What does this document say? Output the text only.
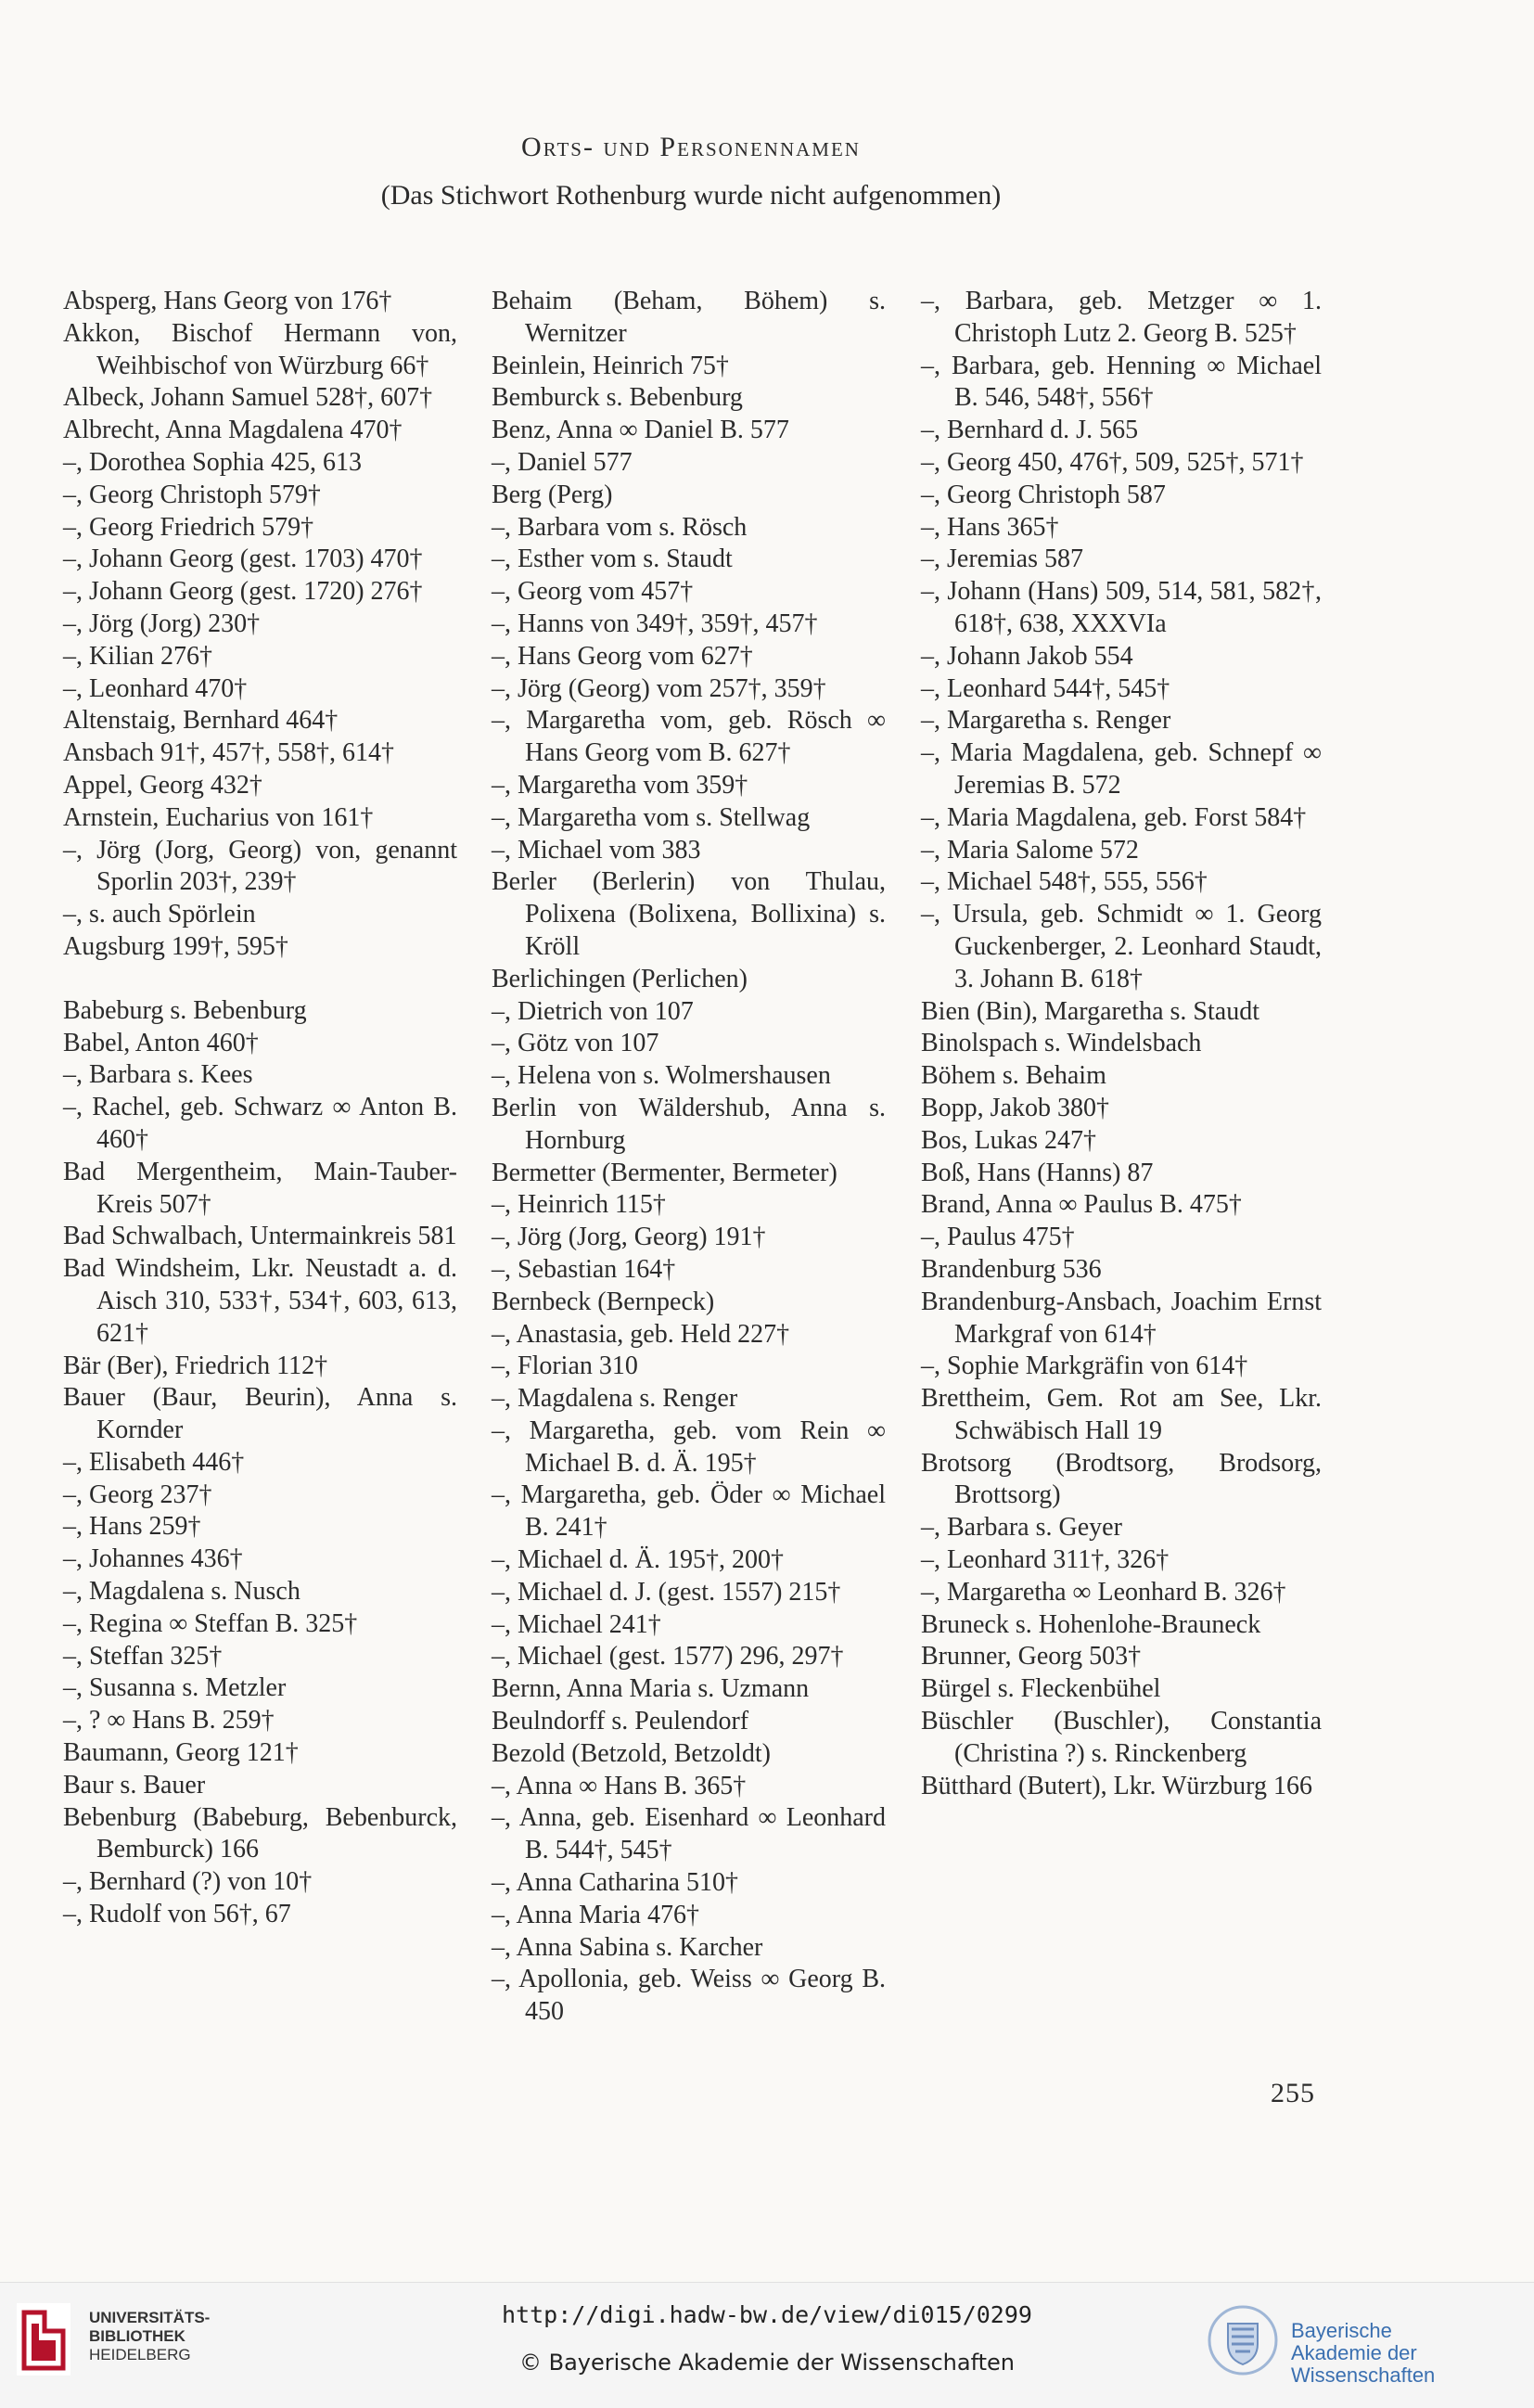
Orts- und Personennamen
(Das Stichwort Rothenburg wurde nicht aufgenommen)

Absperg, Hans Georg von 176†

Akkon, Bischof Hermann von, Weihbischof von Würzburg 66†

Albeck, Johann Samuel 528†, 607†

Albrecht, Anna Magdalena 470†

–, Dorothea Sophia 425, 613

–, Georg Christoph 579†

–, Georg Friedrich 579†

–, Johann Georg (gest. 1703) 470†

–, Johann Georg (gest. 1720) 276†

–, Jörg (Jorg) 230†

–, Kilian 276†

–, Leonhard 470†

Altenstaig, Bernhard 464†

Ansbach 91†, 457†, 558†, 614†

Appel, Georg 432†

Arnstein, Eucharius von 161†

–, Jörg (Jorg, Georg) von, genannt Sporlin 203†, 239†

–, s. auch Spörlein

Augsburg 199†, 595†

Babeburg s. Bebenburg

Babel, Anton 460†

–, Barbara s. Kees

–, Rachel, geb. Schwarz ∞ Anton B. 460†

Bad Mergentheim, Main-Tauber-Kreis 507†

Bad Schwalbach, Untermainkreis 581

Bad Windsheim, Lkr. Neustadt a. d. Aisch 310, 533†, 534†, 603, 613, 621†

Bär (Ber), Friedrich 112†

Bauer (Baur, Beurin), Anna s. Kornder

–, Elisabeth 446†

–, Georg 237†

–, Hans 259†

–, Johannes 436†

–, Magdalena s. Nusch

–, Regina ∞ Steffan B. 325†

–, Steffan 325†

–, Susanna s. Metzler

–, ? ∞ Hans B. 259†

Baumann, Georg 121†

Baur s. Bauer

Bebenburg (Babeburg, Bebenburck, Bemburck) 166

–, Bernhard (?) von 10†

–, Rudolf von 56†, 67

Behaim (Beham, Böhem) s. Wernitzer

Beinlein, Heinrich 75†

Bemburck s. Bebenburg

Benz, Anna ∞ Daniel B. 577

–, Daniel 577

Berg (Perg)

–, Barbara vom s. Rösch

–, Esther vom s. Staudt

–, Georg vom 457†

–, Hanns von 349†, 359†, 457†

–, Hans Georg vom 627†

–, Jörg (Georg) vom 257†, 359†

–, Margaretha vom, geb. Rösch ∞ Hans Georg vom B. 627†

–, Margaretha vom 359†

–, Margaretha vom s. Stellwag

–, Michael vom 383

Berler (Berlerin) von Thulau, Polixena (Bolixena, Bollixina) s. Kröll

Berlichingen (Perlichen)

–, Dietrich von 107

–, Götz von 107

–, Helena von s. Wolmershausen

Berlin von Wäldershub, Anna s. Hornburg

Bermetter (Bermenter, Bermeter)

–, Heinrich 115†

–, Jörg (Jorg, Georg) 191†

–, Sebastian 164†

Bernbeck (Bernpeck)

–, Anastasia, geb. Held 227†

–, Florian 310

–, Magdalena s. Renger

–, Margaretha, geb. vom Rein ∞ Michael B. d. Ä. 195†

–, Margaretha, geb. Öder ∞ Michael B. 241†

–, Michael d. Ä. 195†, 200†

–, Michael d. J. (gest. 1557) 215†

–, Michael 241†

–, Michael (gest. 1577) 296, 297†

Bernn, Anna Maria s. Uzmann

Beulndorff s. Peulendorf

Bezold (Betzold, Betzoldt)

–, Anna ∞ Hans B. 365†

–, Anna, geb. Eisenhard ∞ Leonhard B. 544†, 545†

–, Anna Catharina 510†

–, Anna Maria 476†

–, Anna Sabina s. Karcher

–, Apollonia, geb. Weiss ∞ Georg B. 450

–, Barbara, geb. Metzger ∞ 1. Christoph Lutz 2. Georg B. 525†

–, Barbara, geb. Henning ∞ Michael B. 546, 548†, 556†

–, Bernhard d. J. 565

–, Georg 450, 476†, 509, 525†, 571†

–, Georg Christoph 587

–, Hans 365†

–, Jeremias 587

–, Johann (Hans) 509, 514, 581, 582†, 618†, 638, XXXVIa

–, Johann Jakob 554

–, Leonhard 544†, 545†

–, Margaretha s. Renger

–, Maria Magdalena, geb. Schnepf ∞ Jeremias B. 572

–, Maria Magdalena, geb. Forst 584†

–, Maria Salome 572

–, Michael 548†, 555, 556†

–, Ursula, geb. Schmidt ∞ 1. Georg Guckenberger, 2. Leonhard Staudt, 3. Johann B. 618†

Bien (Bin), Margaretha s. Staudt

Binolspach s. Windelsbach

Böhem s. Behaim

Bopp, Jakob 380†

Bos, Lukas 247†

Boß, Hans (Hanns) 87

Brand, Anna ∞ Paulus B. 475†

–, Paulus 475†

Brandenburg 536

Brandenburg-Ansbach, Joachim Ernst Markgraf von 614†

–, Sophie Markgräfin von 614†

Brettheim, Gem. Rot am See, Lkr. Schwäbisch Hall 19

Brotsorg (Brodtsorg, Brodsorg, Brottsorg)

–, Barbara s. Geyer

–, Leonhard 311†, 326†

–, Margaretha ∞ Leonhard B. 326†

Bruneck s. Hohenlohe-Brauneck

Brunner, Georg 503†

Bürgel s. Fleckenbühel

Büschler (Buschler), Constantia (Christina ?) s. Rinckenberg

Bütthard (Butert), Lkr. Würzburg 166

255
UNIVERSITÄTS-
BIBLIOTHEK
HEIDELBERG
http://digi.hadw-bw.de/view/di015/0299
© Bayerische Akademie der Wissenschaften
Bayerische
Akademie der Wissenschaften
